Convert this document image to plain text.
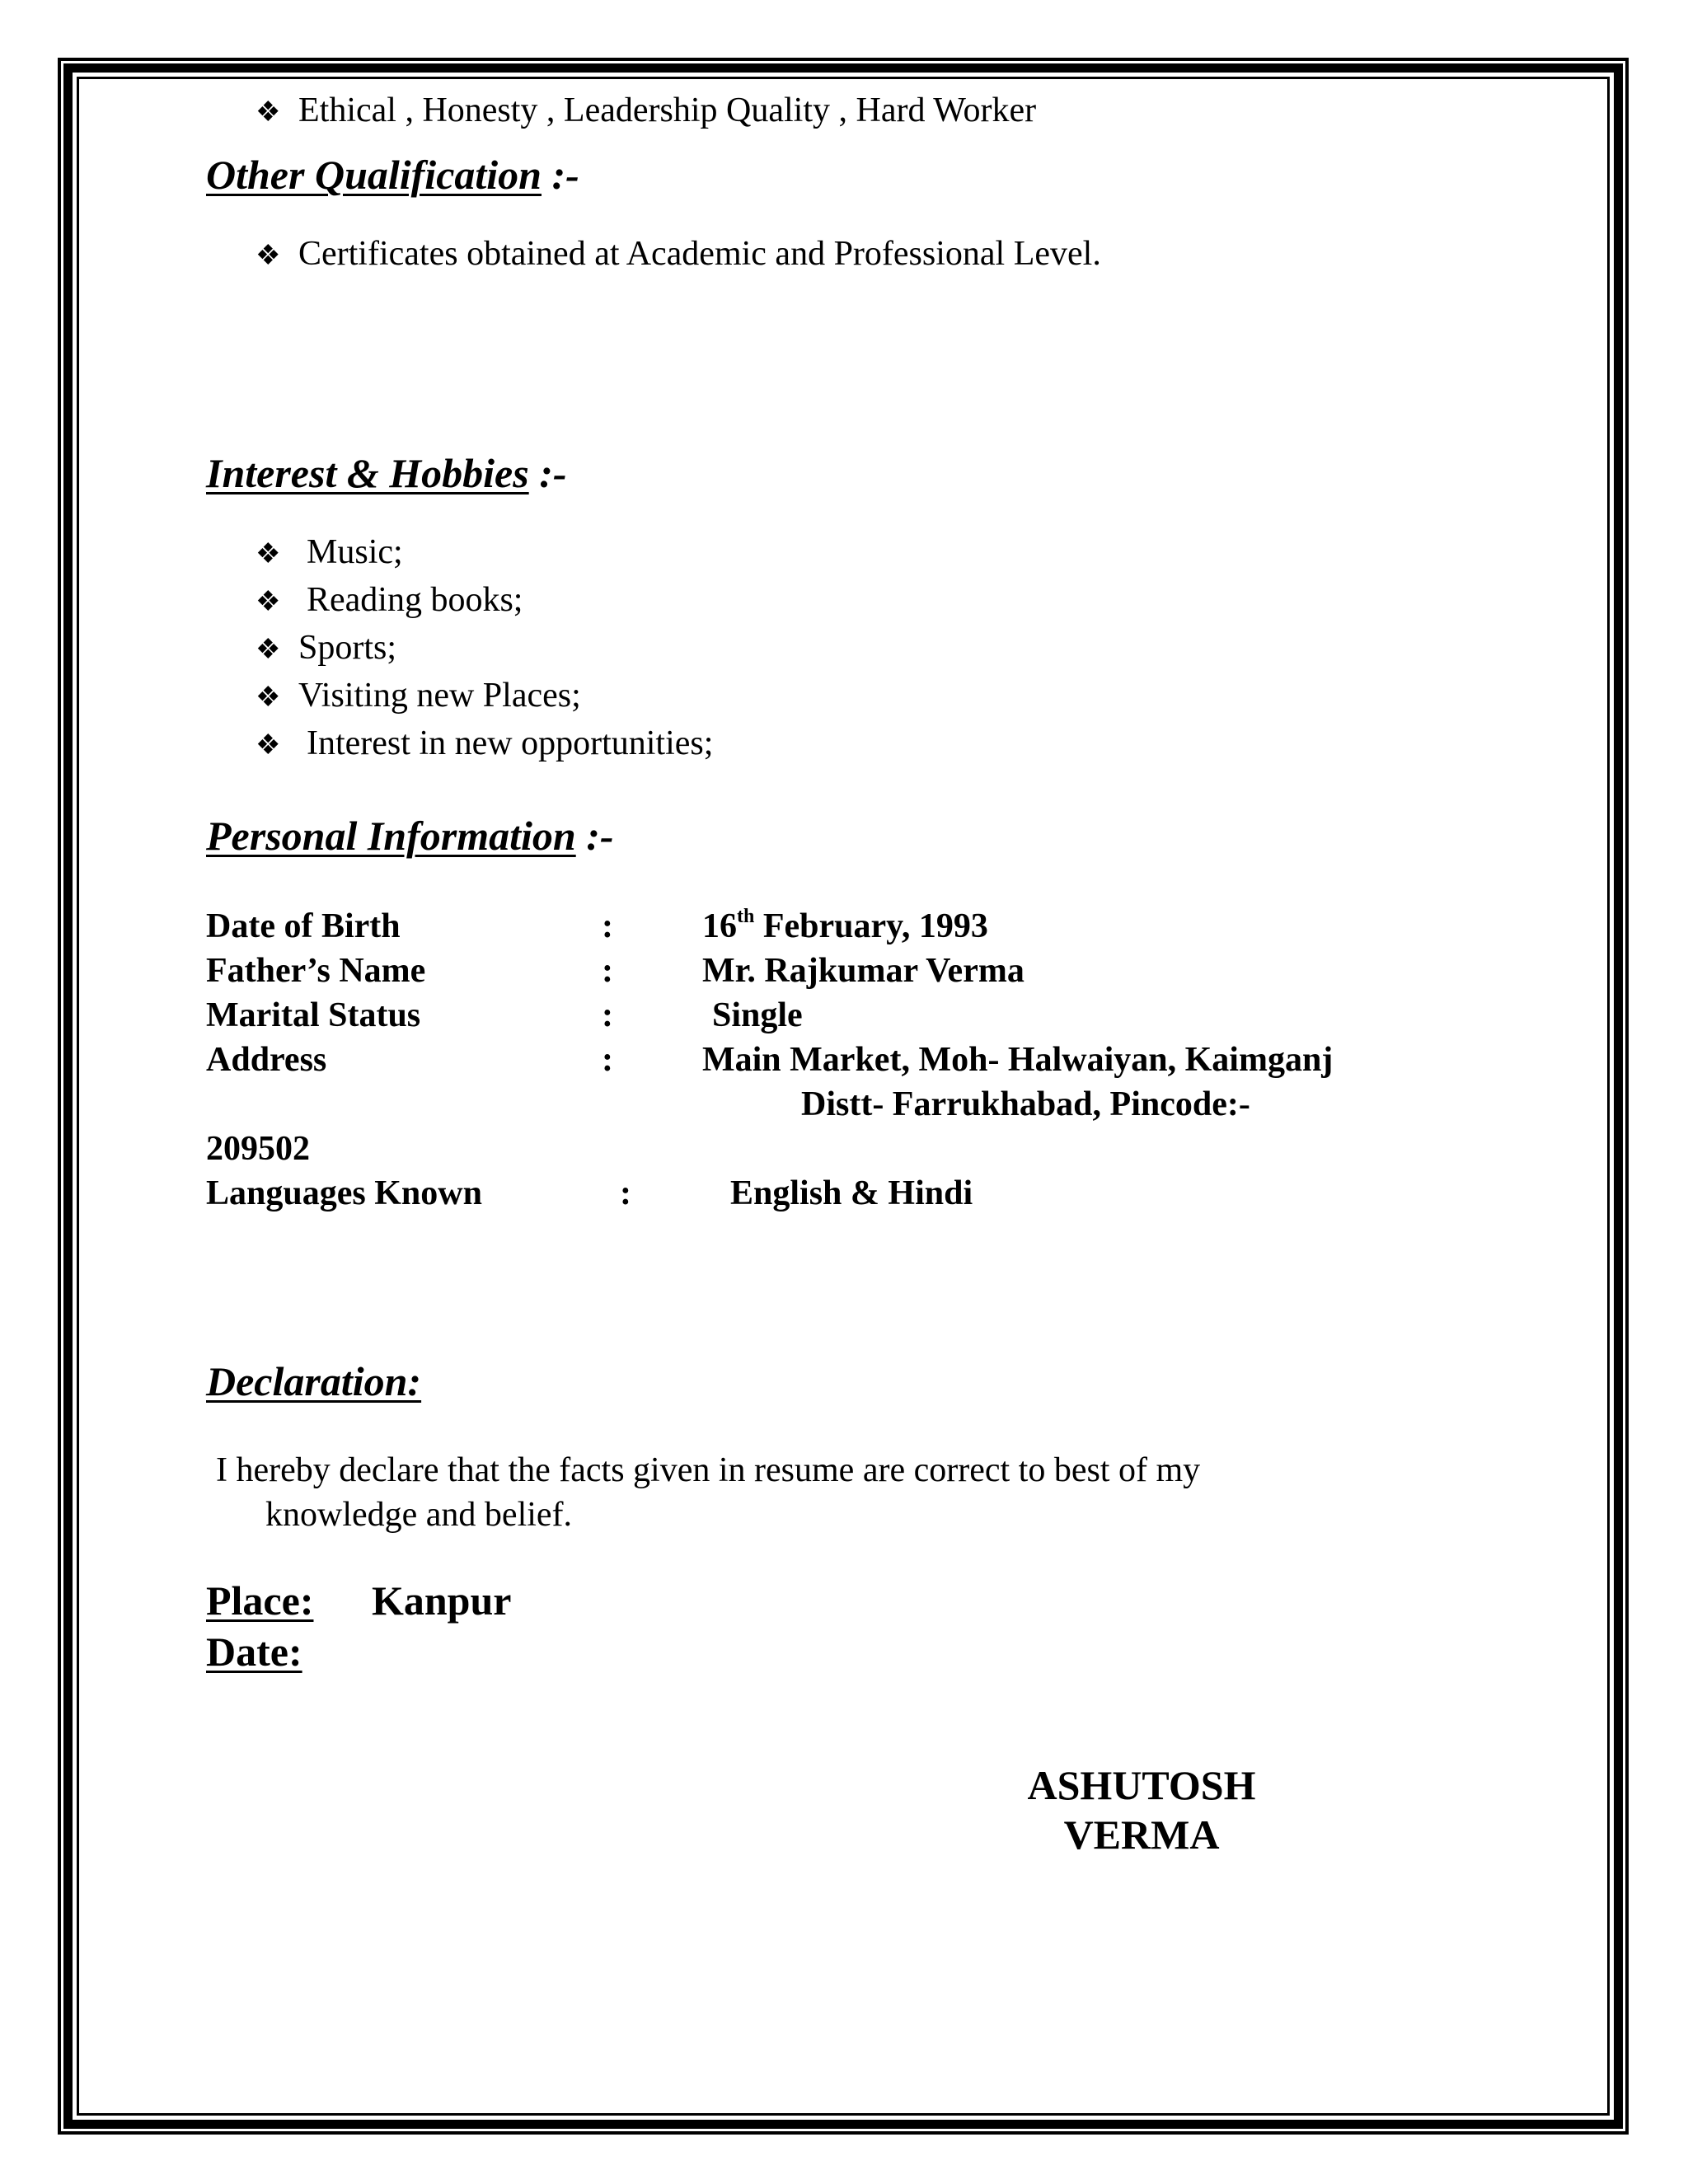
❖ Ethical , Honesty , Leadership Quality , Hard Worker
Other Qualification :-
❖ Certificates obtained at Academic and Professional Level.
Interest & Hobbies :-
❖ Music;
❖ Reading books;
❖ Sports;
❖ Visiting new Places;
❖ Interest in new opportunities;
Personal Information :-
Date of Birth	:	16th February, 1993
Father’s Name	:	Mr. Rajkumar Verma
Marital Status	:	Single
Address	:	Main Market, Moh- Halwaiyan, Kaimganj
Distt- Farrukhabad, Pincode:-
209502
Languages Known	:	English & Hindi
Declaration:
I hereby declare that the facts given in resume are correct to best of my
knowledge and belief.
Place: Kanpur
Date:
ASHUTOSH
VERMA
